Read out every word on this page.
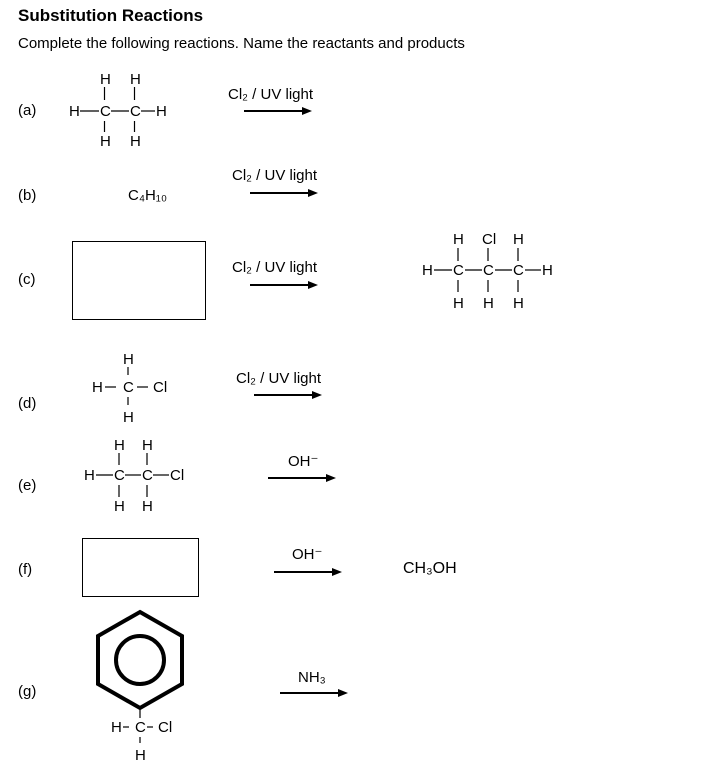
Substitution Reactions
Complete the following reactions. Name the reactants and products
(a)
(b)
(c)
(d)
(e)
(f)
(g)
Cl₂ / UV light
Cl₂ / UV light
Cl₂ / UV light
Cl₂ / UV light
OH⁻
OH⁻
NH₃
H H
H C C H
H H
C₄H₁₀
H Cl H
H C C C H
H H H
H
H C Cl
H
H H
H C C Cl
H H
CH₃OH
H C Cl
H
